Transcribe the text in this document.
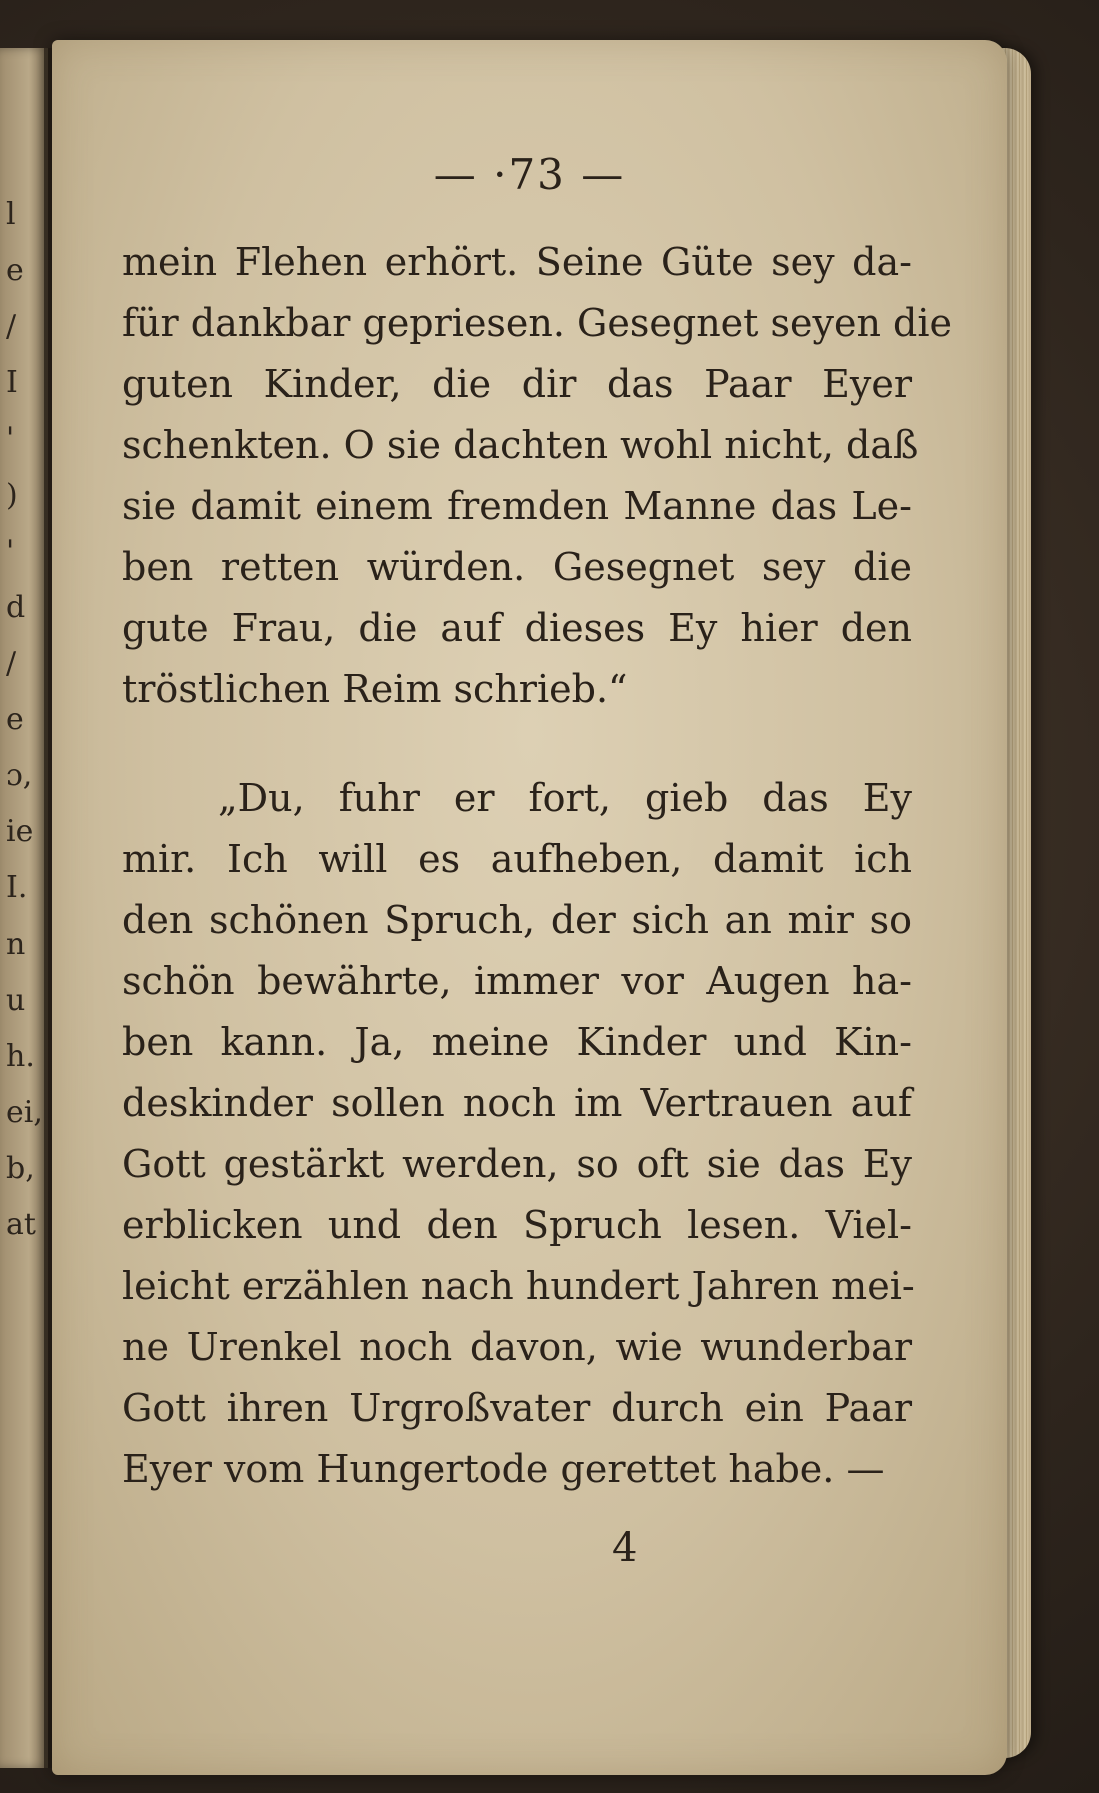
l
e
/
I
'
)
'
d
/
e
ɔ,
ie
I.
n
u
h.
ei,
b,
at
— ·73 —
mein Flehen erhört. Seine Güte sey da-
für dankbar gepriesen. Gesegnet seyen die
guten Kinder, die dir das Paar Eyer
schenkten. O sie dachten wohl nicht, daß
sie damit einem fremden Manne das Le-
ben retten würden. Gesegnet sey die
gute Frau, die auf dieses Ey hier den
tröstlichen Reim schrieb.“
„Du, fuhr er fort, gieb das Ey
mir. Ich will es aufheben, damit ich
den schönen Spruch, der sich an mir so
schön bewährte, immer vor Augen ha-
ben kann. Ja, meine Kinder und Kin-
deskinder sollen noch im Vertrauen auf
Gott gestärkt werden, so oft sie das Ey
erblicken und den Spruch lesen. Viel-
leicht erzählen nach hundert Jahren mei-
ne Urenkel noch davon, wie wunderbar
Gott ihren Urgroßvater durch ein Paar
Eyer vom Hungertode gerettet habe. —
4
